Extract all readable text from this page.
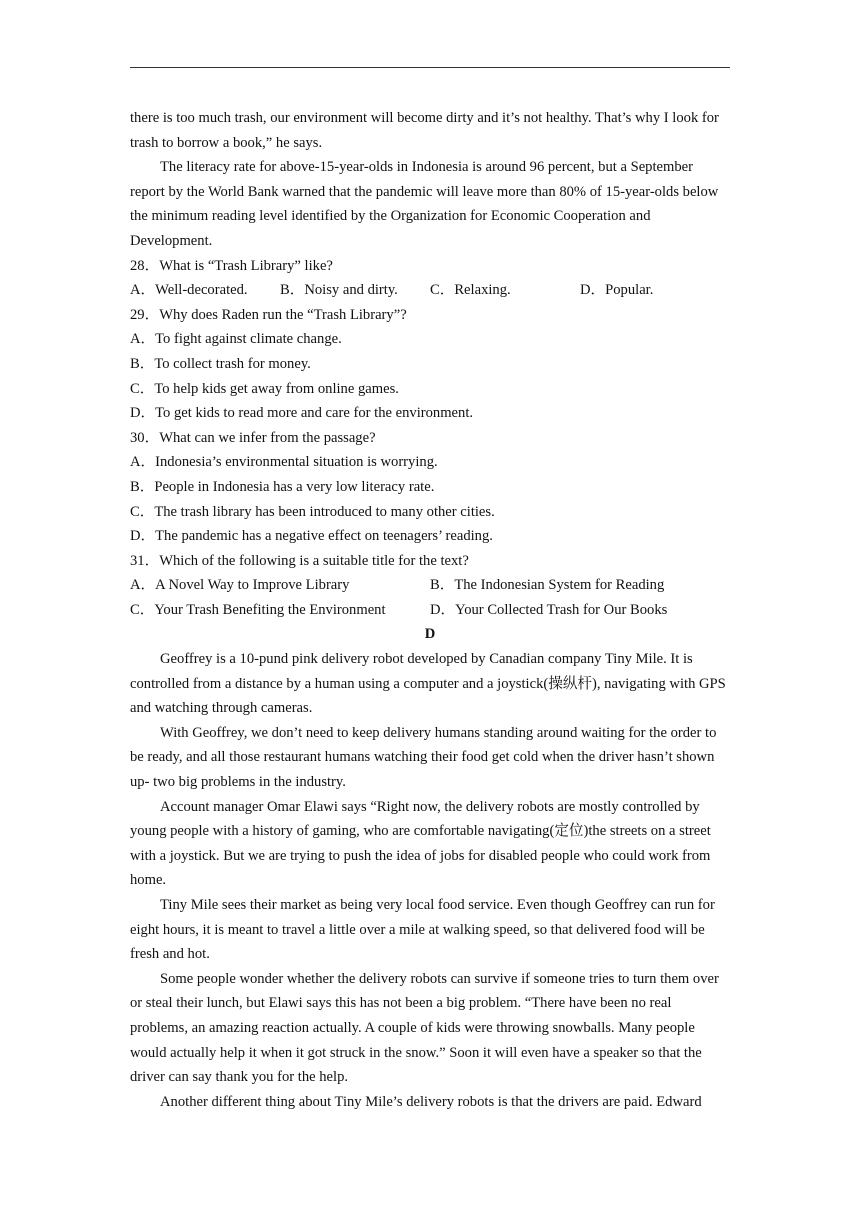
there is too much trash, our environment will become dirty and it’s not healthy. That’s why I look for trash to borrow a book,” he says.

The literacy rate for above-15-year-olds in Indonesia is around 96 percent, but a September report by the World Bank warned that the pandemic will leave more than 80% of 15-year-olds below the minimum reading level identified by the Organization for Economic Cooperation and Development.

28．What is “Trash Library” like?

A．Well-decorated.	B．Noisy and dirty.	C．Relaxing.	D．Popular.

29．Why does Raden run the “Trash Library”?

A．To fight against climate change.

B．To collect trash for money.

C．To help kids get away from online games.

D．To get kids to read more and care for the environment.

30．What can we infer from the passage?

A．Indonesia’s environmental situation is worrying.

B．People in Indonesia has a very low literacy rate.

C．The trash library has been introduced to many other cities.

D．The pandemic has a negative effect on teenagers’ reading.

31．Which of the following is a suitable title for the text?

A．A Novel Way to Improve Library	B．The Indonesian System for Reading
C．Your Trash Benefiting the Environment	D．Your Collected Trash for Our Books

D

Geoffrey is a 10-pund pink delivery robot developed by Canadian company Tiny Mile. It is controlled from a distance by a human using a computer and a joystick(操纵杆), navigating with GPS and watching through cameras.

With Geoffrey, we don’t need to keep delivery humans standing around waiting for the order to be ready, and all those restaurant humans watching their food get cold when the driver hasn’t shown up- two big problems in the industry.

Account manager Omar Elawi says “Right now, the delivery robots are mostly controlled by young people with a history of gaming, who are comfortable navigating(定位)the streets on a street with a joystick. But we are trying to push the idea of jobs for disabled people who could work from home.

Tiny Mile sees their market as being very local food service. Even though Geoffrey can run for eight hours, it is meant to travel a little over a mile at walking speed, so that delivered food will be fresh and hot.

Some people wonder whether the delivery robots can survive if someone tries to turn them over or steal their lunch, but Elawi says this has not been a big problem. “There have been no real problems, an amazing reaction actually. A couple of kids were throwing snowballs. Many people would actually help it when it got struck in the snow.” Soon it will even have a speaker so that the driver can say thank you for the help.

Another different thing about Tiny Mile’s delivery robots is that the drivers are paid. Edward
